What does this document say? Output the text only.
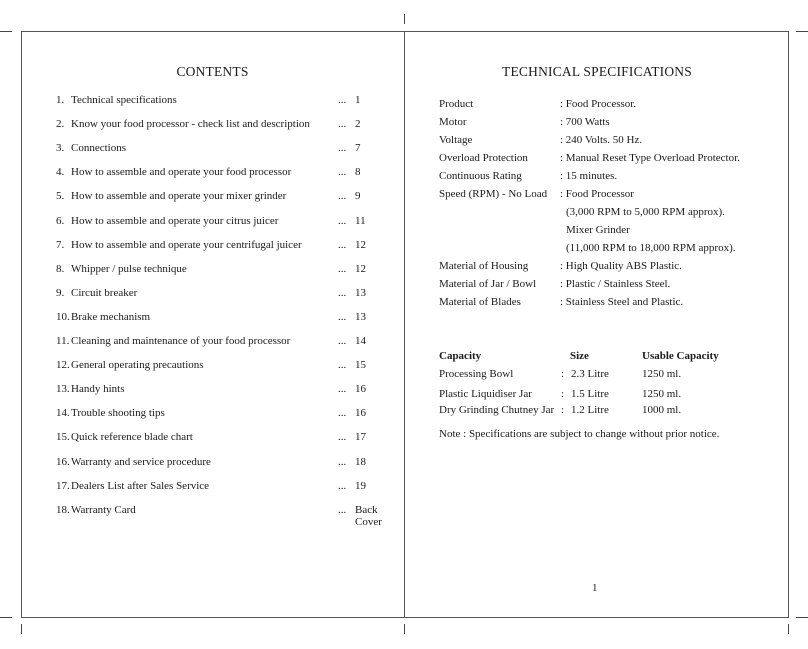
CONTENTS
1. Technical specifications	... 1
2. Know your food processor - check list and description	... 2
3. Connections	... 7
4. How to assemble and operate your food processor	... 8
5. How to assemble and operate your mixer grinder	... 9
6. How to assemble and operate your citrus juicer	... 11
7. How to assemble and operate your centrifugal juicer	... 12
8. Whipper / pulse technique	... 12
9. Circuit breaker	... 13
10. Brake mechanism	... 13
11. Cleaning and maintenance of your food processor	... 14
12. General operating precautions	... 15
13. Handy hints	... 16
14. Trouble shooting tips	... 16
15. Quick reference blade chart	... 17
16. Warranty and service procedure	... 18
17. Dealers List after Sales Service	... 19
18. Warranty Card	... Back
Cover
TECHNICAL SPECIFICATIONS
Product	: Food Processor.
Motor	: 700 Watts
Voltage	: 240 Volts. 50 Hz.
Overload Protection	: Manual Reset Type Overload Protector.
Continuous Rating	: 15 minutes.
Speed (RPM) - No Load : Food Processor
(3,000 RPM to 5,000 RPM approx).
Mixer Grinder
(11,000 RPM to 18,000 RPM approx).
Material of Housing	: High Quality ABS Plastic.
Material of Jar / Bowl : Plastic / Stainless Steel.
Material of Blades	: Stainless Steel and Plastic.
Capacity	Size	Usable Capacity
Processing Bowl	: 2.3 Litre	1250 ml.
Plastic Liquidiser Jar	: 1.5 Litre	1250 ml.
Dry Grinding Chutney Jar : 1.2 Litre	1000 ml.
Note : Specifications are subject to change without prior notice.
1
